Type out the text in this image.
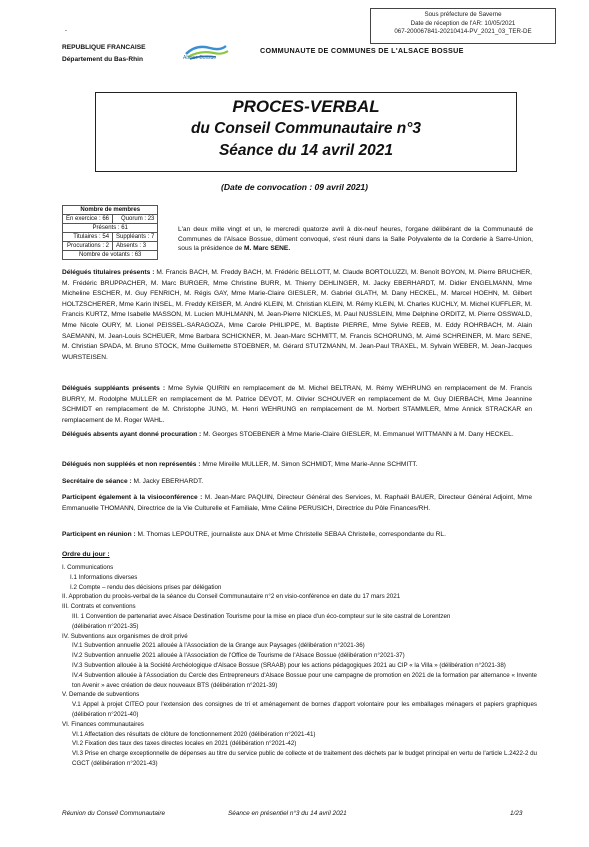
Sous préfecture de Saverne
Date de réception de l'AR: 10/05/2021
067-200067841-20210414-PV_2021_03_TER-DE
-
REPUBLIQUE FRANCAISE
Département du Bas-Rhin	Alsace Bossue
COMMUNAUTE DE COMMUNES DE L'ALSACE BOSSUE
PROCES-VERBAL
du Conseil Communautaire n°3
Séance du 14 avril 2021
(Date de convocation : 09 avril 2021)
Nombre de membres	
En exercice : 66	Quorum : 23
Présents : 61	
Titulaires : 54	Suppléants : 7
Procurations : 2	Absents : 3
Nombre de votants : 63	
L'an deux mille vingt et un, le mercredi quatorze avril à dix-neuf heures, l'organe délibérant de la Communauté de Communes de l'Alsace Bossue, dûment convoqué, s'est réuni dans la Salle Polyvalente de la Corderie à Sarre-Union, sous la présidence de M. Marc SENE.
Délégués titulaires présents : M. Francis BACH, M. Freddy BACH, M. Frédéric BELLOTT, M. Claude BORTOLUZZI, M. Benoît BOYON, M. Pierre BRUCHER, M. Frédéric BRUPPACHER, M. Marc BURGER, Mme Christine BURR, M. Thierry DEHLINGER, M. Jacky EBERHARDT, M. Didier ENGELMANN, Mme Micheline ESCHER, M. Guy FENRICH, M. Régis GAY, Mme Marie-Claire GIESLER, M. Gabriel GLATH, M. Dany HECKEL, M. Marcel HOEHN, M. Gilbert HOLTZSCHERER, Mme Karin INSEL, M. Freddy KEISER, M. André KLEIN, M. Christian KLEIN, M. Rémy KLEIN, M. Charles KUCHLY, M. Michel KUFFLER, M. Francis KURTZ, Mme Isabelle MASSON, M. Lucien MUHLMANN, M. Jean-Pierre NICKLES, M. Paul NUSSLEIN, Mme Delphine ORDITZ, M. Pierre OSSWALD, Mme Nicole OURY, M. Lionel PEISSEL-SARAGOZA, Mme Carole PHILIPPE, M. Baptiste PIERRE, Mme Sylvie REEB, M. Eddy ROHRBACH, M. Alain SAEMANN, M. Jean-Louis SCHEUER, Mme Barbara SCHICKNER, M. Jean-Marc SCHMITT, M. Francis SCHORUNG, M. Aimé SCHREINER, M. Marc SENE, M. Christian SPADA, M. Bruno STOCK, Mme Guillemette STOEBNER, M. Gérard STUTZMANN, M. Jean-Paul TRAXEL, M. Sylvain WEBER, M. Jean-Jacques WURSTEISEN.
Délégués suppléants présents : Mme Sylvie QUIRIN en remplacement de M. Michel BELTRAN, M. Rémy WEHRUNG en remplacement de M. Francis BURRY, M. Rodolphe MULLER en remplacement de M. Patrice DEVOT, M. Olivier SCHOUVER en remplacement de M. Guy DIERBACH, Mme Jeannine SCHMIDT en remplacement de M. Christophe JUNG, M. Henri WEHRUNG en remplacement de M. Norbert STAMMLER, Mme Annick STRACKAR en remplacement de M. Roger WAHL.
Délégués absents ayant donné procuration : M. Georges STOEBENER à Mme Marie-Claire GIESLER, M. Emmanuel WITTMANN à M. Dany HECKEL.
Délégués non suppléés et non représentés : Mme Mireille MULLER, M. Simon SCHMIDT, Mme Marie-Anne SCHMITT.
Secrétaire de séance : M. Jacky EBERHARDT.
Participent également à la visioconférence : M. Jean-Marc PAQUIN, Directeur Général des Services, M. Raphaël BAUER, Directeur Général Adjoint, Mme Emmanuelle THOMANN, Directrice de la Vie Culturelle et Familiale, Mme Céline PERUSICH, Directrice du Pôle Finances/RH.
Participent en réunion : M. Thomas LEPOUTRE, journaliste aux DNA et Mme Christelle SEBAA Christelle, correspondante du RL.
Ordre du jour :
I. Communications
I.1 Informations diverses
I.2 Compte – rendu des décisions prises par délégation
II. Approbation du procès-verbal de la séance du Conseil Communautaire n°2 en visio-conférence en date du 17 mars 2021
III. Contrats et conventions
III. 1 Convention de partenariat avec Alsace Destination Tourisme pour la mise en place d'un éco-compteur sur le site castral de Lorentzen
(délibération n°2021-35)
IV. Subventions aux organismes de droit privé
IV.1 Subvention annuelle 2021 allouée à l'Association de la Grange aux Paysages (délibération n°2021-36)
IV.2 Subvention annuelle 2021 allouée à l'Association de l'Office de Tourisme de l'Alsace Bossue (délibération n°2021-37)
IV.3 Subvention allouée à la Société Archéologique d'Alsace Bossue (SRAAB) pour les actions pédagogiques 2021 au CIP « la Villa » (délibération n°2021-38)
IV.4 Subvention allouée à l'Association du Cercle des Entrepreneurs d'Alsace Bossue pour une campagne de promotion en 2021 de la formation par alternance « Invente ton Avenir » avec création de deux nouveaux BTS (délibération n°2021-39)
V. Demande de subventions
V.1 Appel à projet CITEO pour l'extension des consignes de tri et aménagement de bornes d'apport volontaire pour les emballages ménagers et papiers graphiques (délibération n°2021-40)
VI. Finances communautaires
VI.1 Affectation des résultats de clôture de fonctionnement 2020 (délibération n°2021-41)
VI.2 Fixation des taux des taxes directes locales en 2021 (délibération n°2021-42)
VI.3 Prise en charge exceptionnelle de dépenses au titre du service public de collecte et de traitement des déchets par le budget principal en vertu de l'article L.2422-2 du CGCT (délibération n°2021-43)
Réunion du Conseil Communautaire	Séance en présentiel n°3 du 14 avril 2021	1/23
